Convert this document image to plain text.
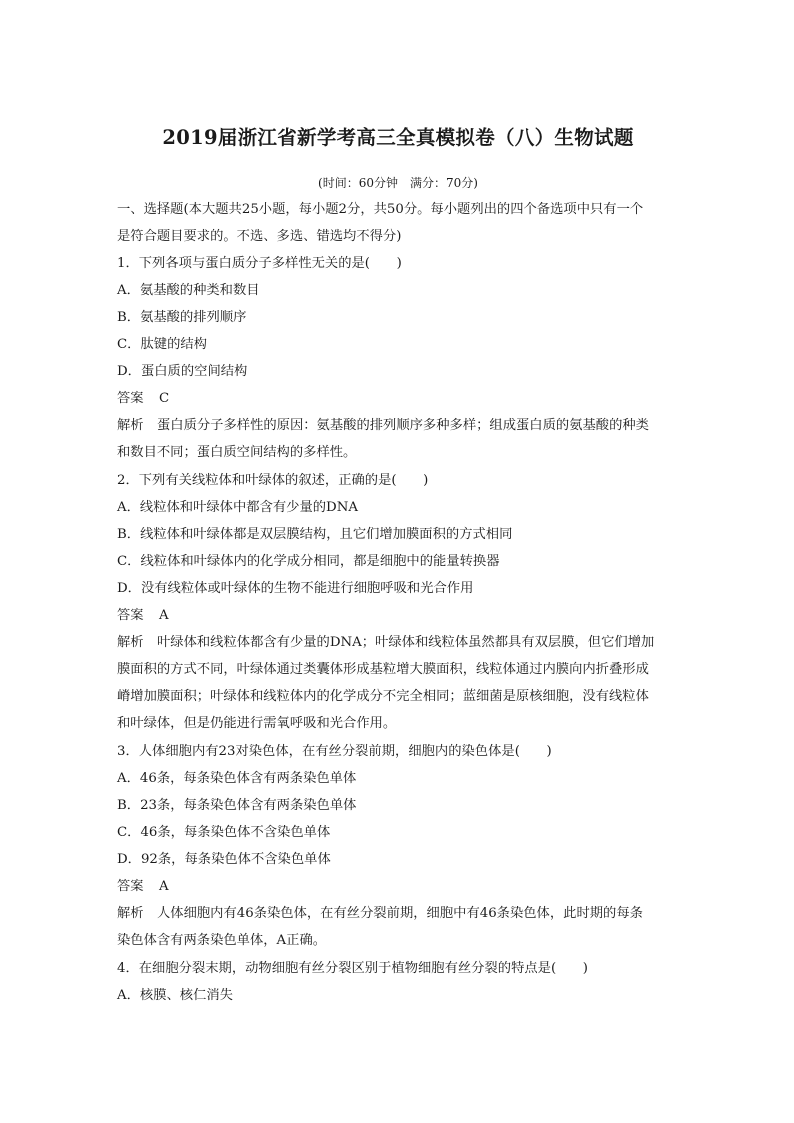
2019届浙江省新学考高三全真模拟卷（八）生物试题
(时间：60分钟　满分：70分)
一、选择题(本大题共25小题，每小题2分，共50分。每小题列出的四个备选项中只有一个
是符合题目要求的。不选、多选、错选均不得分)
1．下列各项与蛋白质分子多样性无关的是(　　)
A．氨基酸的种类和数目
B．氨基酸的排列顺序
C．肽键的结构
D．蛋白质的空间结构
答案 C
解析 蛋白质分子多样性的原因：氨基酸的排列顺序多种多样；组成蛋白质的氨基酸的种类
和数目不同；蛋白质空间结构的多样性。
2．下列有关线粒体和叶绿体的叙述，正确的是(　　)
A．线粒体和叶绿体中都含有少量的DNA
B．线粒体和叶绿体都是双层膜结构，且它们增加膜面积的方式相同
C．线粒体和叶绿体内的化学成分相同，都是细胞中的能量转换器
D．没有线粒体或叶绿体的生物不能进行细胞呼吸和光合作用
答案 A
解析 叶绿体和线粒体都含有少量的DNA；叶绿体和线粒体虽然都具有双层膜，但它们增加
膜面积的方式不同，叶绿体通过类囊体形成基粒增大膜面积，线粒体通过内膜向内折叠形成
嵴增加膜面积；叶绿体和线粒体内的化学成分不完全相同；蓝细菌是原核细胞，没有线粒体
和叶绿体，但是仍能进行需氧呼吸和光合作用。
3．人体细胞内有23对染色体，在有丝分裂前期，细胞内的染色体是(　　)
A．46条，每条染色体含有两条染色单体
B．23条，每条染色体含有两条染色单体
C．46条，每条染色体不含染色单体
D．92条，每条染色体不含染色单体
答案 A
解析 人体细胞内有46条染色体，在有丝分裂前期，细胞中有46条染色体，此时期的每条
染色体含有两条染色单体，A正确。
4．在细胞分裂末期，动物细胞有丝分裂区别于植物细胞有丝分裂的特点是(　　)
A．核膜、核仁消失
